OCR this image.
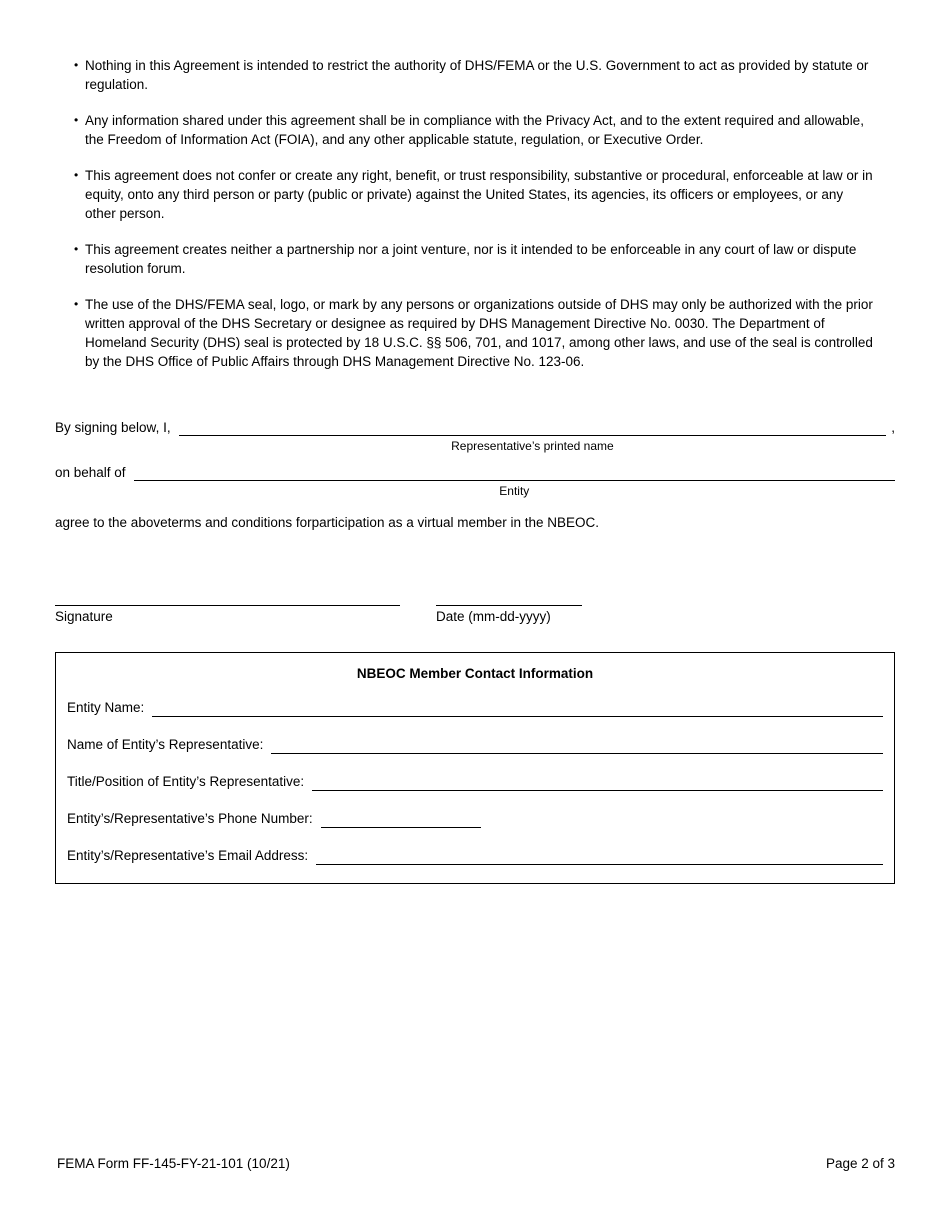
• Nothing in this Agreement is intended to restrict the authority of DHS/FEMA or the U.S. Government to act as provided by statute or regulation.
• Any information shared under this agreement shall be in compliance with the Privacy Act, and to the extent required and allowable, the Freedom of Information Act (FOIA), and any other applicable statute, regulation, or Executive Order.
• This agreement does not confer or create any right, benefit, or trust responsibility, substantive or procedural, enforceable at law or in equity, onto any third person or party (public or private) against the United States, its agencies, its officers or employees, or any other person.
• This agreement creates neither a partnership nor a joint venture, nor is it intended to be enforceable in any court of law or dispute resolution forum.
• The use of the DHS/FEMA seal, logo, or mark by any persons or organizations outside of DHS may only be authorized with the prior written approval of the DHS Secretary or designee as required by DHS Management Directive No. 0030. The Department of Homeland Security (DHS) seal is protected by 18 U.S.C. §§ 506, 701, and 1017, among other laws, and use of the seal is controlled by the DHS Office of Public Affairs through DHS Management Directive No. 123-06.
By signing below, I,
Representative’s printed name
,
on behalf of
Entity
agree to the aboveterms and conditions forparticipation as a virtual member in the NBEOC.
Signature	Date (mm-dd-yyyy)
NBEOC Member Contact Information
Entity Name:
Name of Entity’s Representative:
Title/Position of Entity’s Representative:
Entity’s/Representative’s Phone Number:
Entity’s/Representative’s Email Address:
FEMA Form FF-145-FY-21-101 (10/21)	Page 2 of 3
